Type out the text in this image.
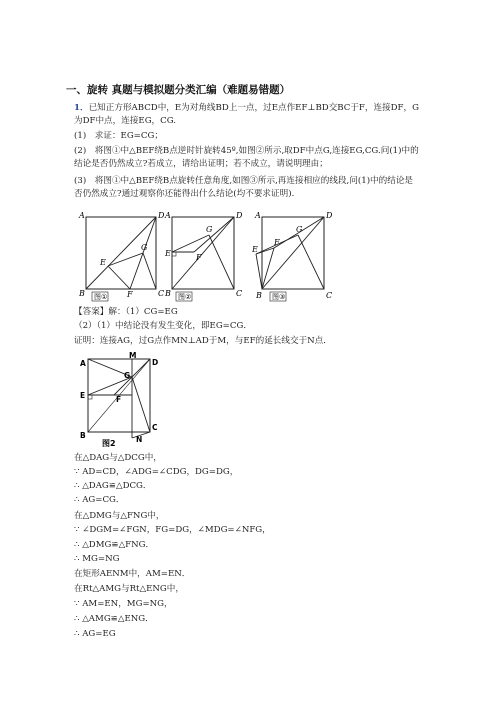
一、旋转 真题与模拟题分类汇编（难题易错题）
1．已知正方形ABCD中，E为对角线BD上一点，过E点作EF⊥BD交BC于F，连接DF，G
为DF中点，连接EG，CG.
(1)　求证：EG=CG；
(2)　将图①中△BEF绕B点逆时针旋转45º,如图②所示,取DF中点G,连接EG,CG.问(1)中的
结论是否仍然成立?若成立，请给出证明；若不成立，请说明理由；
(3)　将图①中△BEF绕B点旋转任意角度,如图③所示,再连接相应的线段,问(1)中的结论是
否仍然成立?通过观察你还能得出什么结论(均不要求证明).
A	D
B	C
E
F
G
图①
A	D
B	C
E	F
G
图②
A	D
B	C
E
F
G
图③
【答案】解：（1）CG=EG
（2）（1）中结论没有发生变化，即EG=CG．
证明：连接AG，过G点作MN⊥AD于M，与EF的延长线交于N点．
A
M
D
G
E	F
B	N
C
图2
在△DAG与△DCG中，
∵ AD=CD，∠ADG=∠CDG，DG=DG，
∴ △DAG≌△DCG．
∴ AG=CG．
在△DMG与△FNG中，
∵ ∠DGM=∠FGN，FG=DG，∠MDG=∠NFG，
∴ △DMG≌△FNG．
∴ MG=NG
在矩形AENM中，AM=EN．
在Rt△AMG与Rt△ENG中，
∵ AM=EN，MG=NG，
∴ △AMG≌△ENG．
∴ AG=EG
